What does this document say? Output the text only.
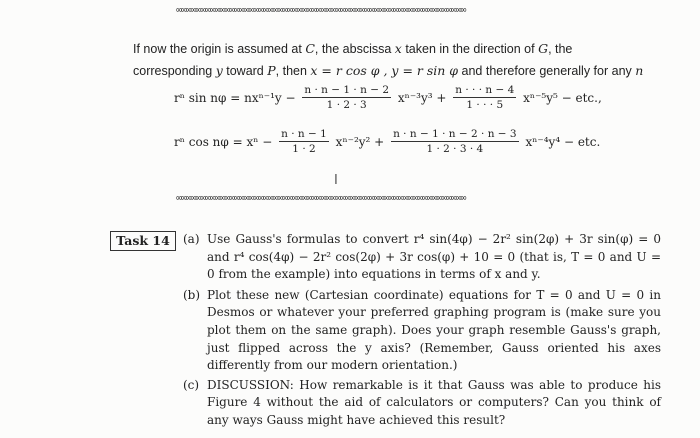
∞∞∞∞∞∞∞∞∞∞∞∞∞∞∞∞∞∞∞∞∞∞∞∞∞∞∞∞∞∞∞∞∞∞∞∞∞∞∞∞∞∞∞∞∞∞∞∞∞∞∞∞∞∞∞∞∞∞∞∞
If now the origin is assumed at C, the abscissa x taken in the direction of G, the corresponding y toward P, then x = r cos φ , y = r sin φ and therefore generally for any n
rⁿ $\sin n\varphi = nx^{n-1}y - \frac{n \cdot n - 1 \cdot n - 2}{1 \cdot 2 \cdot 3} x^{n-3}y^3 + \frac{n \cdot \cdot \cdot n - 4}{1 \cdot \cdot \cdot 5} x^{n-5}y^5$ − etc.,
rⁿ $\cos n\varphi = x^n - \frac{n \cdot n - 1}{1 \cdot 2} x^{n-2}y^2 + \frac{n \cdot n - 1 \cdot n - 2 \cdot n - 3}{1 \cdot 2 \cdot 3 \cdot 4} x^{n-4}y^4$ − etc.
I
∞∞∞∞∞∞∞∞∞∞∞∞∞∞∞∞∞∞∞∞∞∞∞∞∞∞∞∞∞∞∞∞∞∞∞∞∞∞∞∞∞∞∞∞∞∞∞∞∞∞∞∞∞∞∞∞∞∞∞∞
Task 14	(a) Use Gauss's formulas to convert r⁴ sin(4φ) − 2r² sin(2φ) + 3r sin(φ) = 0 and r⁴ cos(4φ) − 2r² cos(2φ) + 3r cos(φ) + 10 = 0 (that is, T = 0 and U = 0 from the example) into equations in terms of x and y.
(b) Plot these new (Cartesian coordinate) equations for T = 0 and U = 0 in Desmos or whatever your preferred graphing program is (make sure you plot them on the same graph). Does your graph resemble Gauss's graph, just flipped across the y axis? (Remember, Gauss oriented his axes differently from our modern orientation.)
(c) DISCUSSION: How remarkable is it that Gauss was able to produce his Figure 4 without the aid of calculators or computers? Can you think of any ways Gauss might have achieved this result?
